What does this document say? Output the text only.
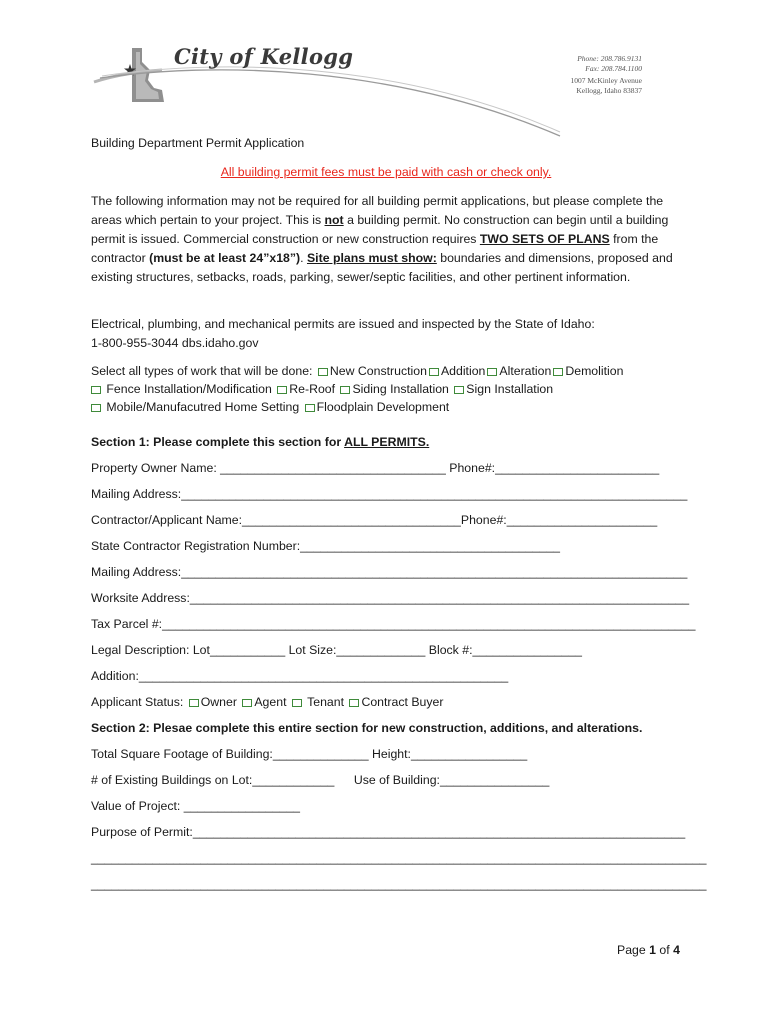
City of Kellogg	Phone: 208.786.9131
Fax: 208.784.1100
1007 McKinley Avenue
Kellogg, Idaho 83837
Building Department Permit Application
All building permit fees must be paid with cash or check only.
The following information may not be required for all building permit applications, but please complete the areas which pertain to your project. This is not a building permit. No construction can begin until a building permit is issued. Commercial construction or new construction requires TWO SETS OF PLANS from the contractor (must be at least 24”x18”). Site plans must show: boundaries and dimensions, proposed and existing structures, setbacks, roads, parking, sewer/septic facilities, and other pertinent information.
Electrical, plumbing, and mechanical permits are issued and inspected by the State of Idaho:
1-800-955-3044 dbs.idaho.gov
Select all types of work that will be done: New Construction Addition Alteration Demolition
Fence Installation/Modification Re-Roof Siding Installation Sign Installation
Mobile/Manufacutred Home Setting Floodplain Development
Section 1: Please complete this section for ALL PERMITS.
Property Owner Name: _________________________________ Phone#:________________________
Mailing Address:__________________________________________________________________________
Contractor/Applicant Name:________________________________Phone#:______________________
State Contractor Registration Number:______________________________________
Mailing Address:__________________________________________________________________________
Worksite Address:_________________________________________________________________________
Tax Parcel #:______________________________________________________________________________
Legal Description: Lot___________ Lot Size:_____________ Block #:________________
Addition:______________________________________________________
Applicant Status: Owner Agent Tenant Contract Buyer
Section 2: Plesae complete this entire section for new construction, additions, and alterations.
Total Square Footage of Building:______________ Height:_________________
# of Existing Buildings on Lot:____________ Use of Building:________________
Value of Project: _________________
Purpose of Permit:________________________________________________________________________
__________________________________________________________________________________________
__________________________________________________________________________________________
Page 1 of 4
